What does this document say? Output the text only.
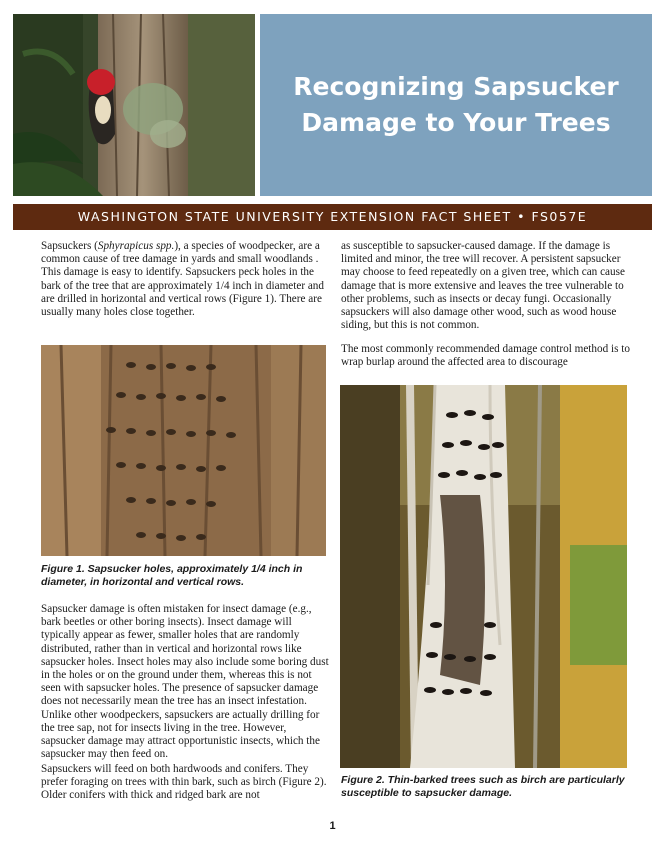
Recognizing Sapsucker
Damage to Your Trees
WASHINGTON STATE UNIVERSITY EXTENSION FACT SHEET • FS057E

Sapsuckers (Sphyrapicus spp.), a species of woodpecker, are a common cause of tree damage in yards and small woodlands . This damage is easy to identify. Sapsuckers peck holes in the bark of the tree that are approximately 1/4 inch in diameter and are drilled in horizontal and vertical rows (Figure 1). There are usually many holes close together.

Figure 1. Sapsucker holes, approximately 1/4 inch in diameter, in horizontal and vertical rows.

Sapsucker damage is often mistaken for insect damage (e.g., bark beetles or other boring insects). Insect damage will typically appear as fewer, smaller holes that are randomly distributed, rather than in vertical and horizontal rows like sapsucker holes. Insect holes may also include some boring dust in the holes or on the ground under them, whereas this is not seen with sapsucker holes. The presence of sapsucker damage does not necessarily mean the tree has an insect infestation. Unlike other woodpeckers, sapsuckers are actually drilling for the tree sap, not for insects living in the tree. However, sapsucker damage may attract opportunistic insects, which the sapsucker may then feed on.

Sapsuckers will feed on both hardwoods and conifers. They prefer foraging on trees with thin bark, such as birch (Figure 2). Older conifers with thick and ridged bark are not

as susceptible to sapsucker-caused damage. If the damage is limited and minor, the tree will recover. A persistent sapsucker may choose to feed repeatedly on a given tree, which can cause damage that is more extensive and leaves the tree vulnerable to other problems, such as insects or decay fungi. Occasionally sapsuckers will also damage other wood, such as wood house siding, but this is not common.

The most commonly recommended damage control method is to wrap burlap around the affected area to discourage

Figure 2. Thin-barked trees such as birch are particularly susceptible to sapsucker damage.

1
